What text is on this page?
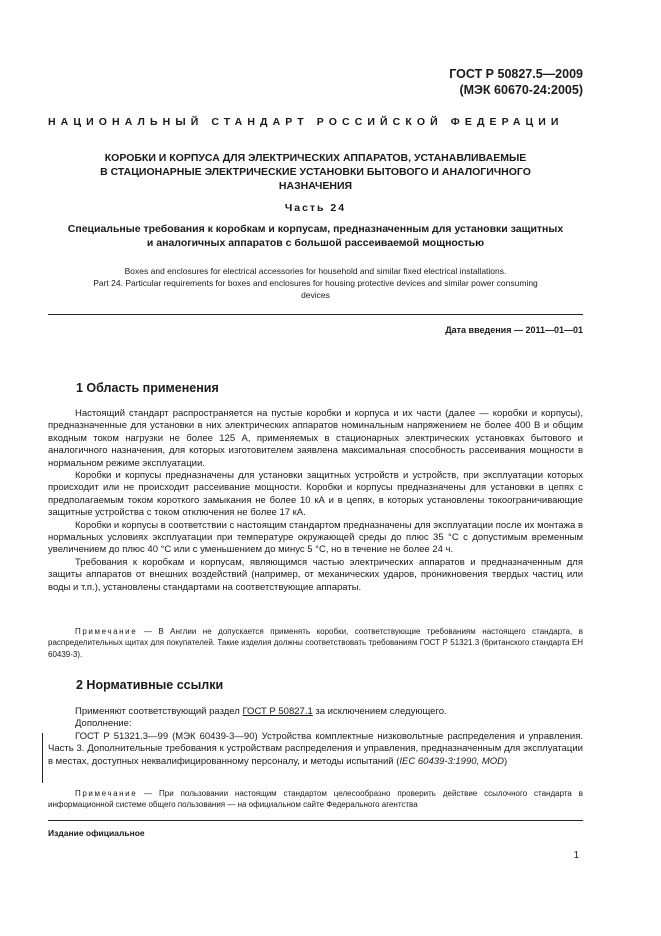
ГОСТ Р 50827.5—2009
(МЭК 60670-24:2005)
НАЦИОНАЛЬНЫЙ СТАНДАРТ РОССИЙСКОЙ ФЕДЕРАЦИИ
КОРОБКИ И КОРПУСА ДЛЯ ЭЛЕКТРИЧЕСКИХ АППАРАТОВ, УСТАНАВЛИВАЕМЫЕ
В СТАЦИОНАРНЫЕ ЭЛЕКТРИЧЕСКИЕ УСТАНОВКИ БЫТОВОГО И АНАЛОГИЧНОГО
НАЗНАЧЕНИЯ
Часть 24
Специальные требования к коробкам и корпусам, предназначенным для установки защитных
и аналогичных аппаратов с большой рассеиваемой мощностью
Boxes and enclosures for electrical accessories for household and similar fixed electrical installations.
Part 24. Particular requirements for boxes and enclosures for housing protective devices and similar power consuming
devices
Дата введения — 2011—01—01
1 Область применения

Настоящий стандарт распространяется на пустые коробки и корпуса и их части (далее — коробки и корпусы), предназначенные для установки в них электрических аппаратов номинальным напряжением не более 400 В и общим входным током нагрузки не более 125 А, применяемых в стационарных электрических установках бытового и аналогичного назначения, для которых изготовителем заявлена максимальная способность рассеивания мощности в нормальном режиме эксплуатации.

Коробки и корпусы предназначены для установки защитных устройств и устройств, при эксплуатации которых происходит или не происходит рассеивание мощности. Коробки и корпусы предназначены для установки в цепях с предполагаемым током короткого замыкания не более 10 кА и в цепях, в которых установлены токоограничивающие защитные устройства с током отключения не более 17 кА.

Коробки и корпусы в соответствии с настоящим стандартом предназначены для эксплуатации после их монтажа в нормальных условиях эксплуатации при температуре окружающей среды до плюс 35 °С с допустимым временным увеличением до плюс 40 °С или с уменьшением до минус 5 °С, но в течение не более 24 ч.

Требования к коробкам и корпусам, являющимся частью электрических аппаратов и предназначенным для защиты аппаратов от внешних воздействий (например, от механических ударов, проникновения твердых частиц или воды и т.п.), установлены стандартами на соответствующие аппараты.

Примечание — В Англии не допускается применять коробки, соответствующие требованиям настоящего стандарта, в распределительных щитах для покупателей. Такие изделия должны соответствовать требованиям ГОСТ Р 51321.3 (британского стандарта ЕН 60439-3).

2 Нормативные ссылки

Применяют соответствующий раздел ГОСТ Р 50827.1 за исключением следующего.

Дополнение:

ГОСТ Р 51321.3—99 (МЭК 60439-3—90) Устройства комплектные низковольтные распределения и управления. Часть 3. Дополнительные требования к устройствам распределения и управления, предназначенным для эксплуатации в местах, доступных неквалифицированному персоналу, и методы испытаний (IEC 60439-3:1990, MOD)

Примечание — При пользовании настоящим стандартом целесообразно проверить действие ссылочного стандарта в информационной системе общего пользования — на официальном сайте Федерального агентства

Издание официальное
1
